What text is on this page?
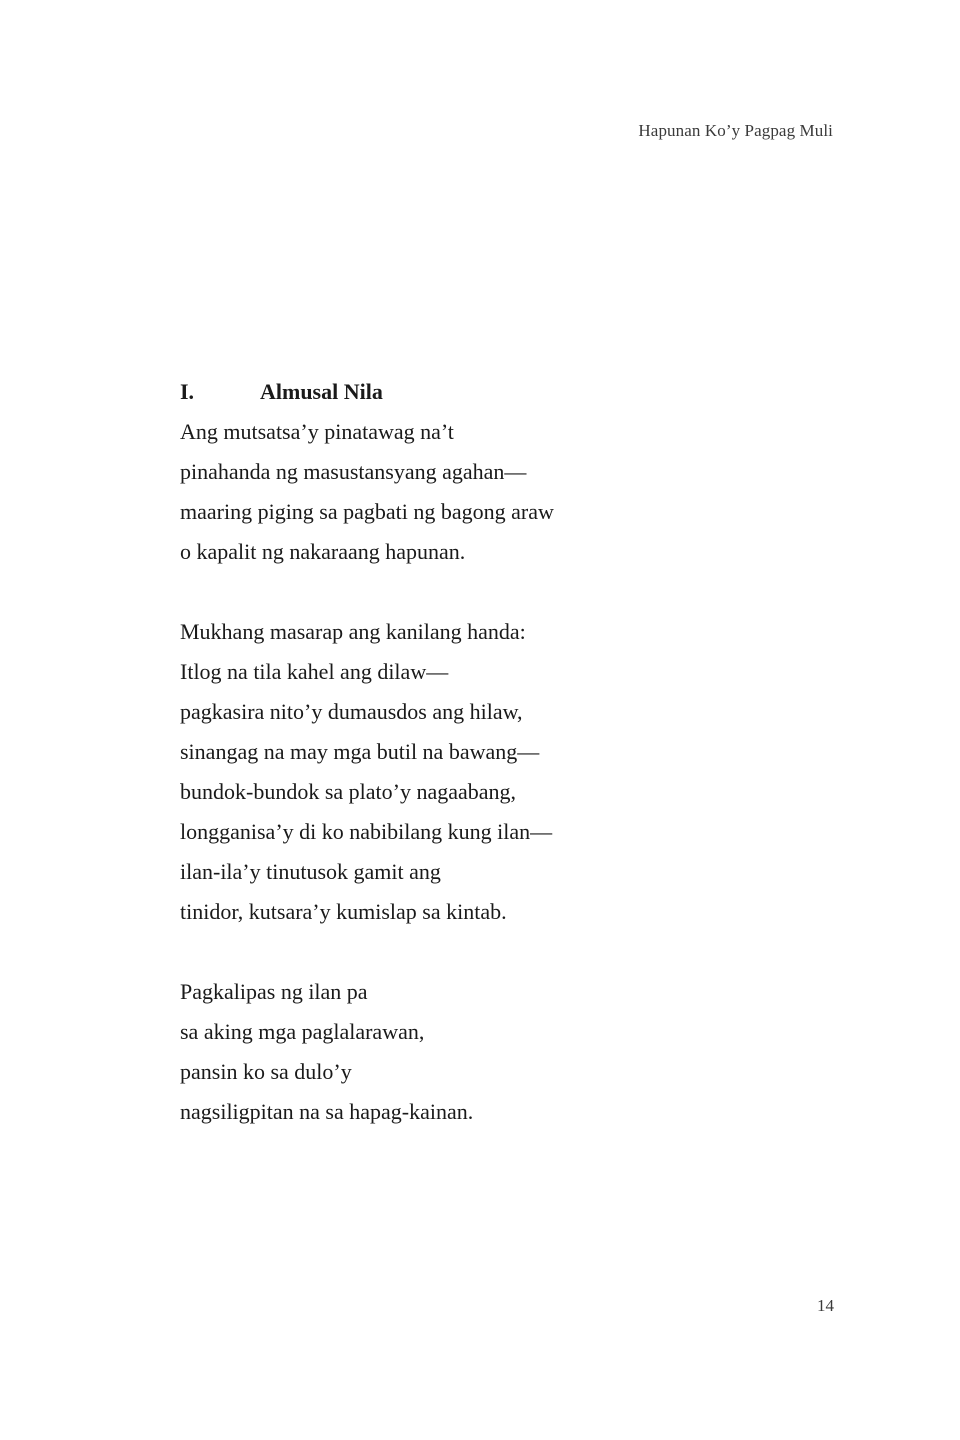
Hapunan Ko’y Pagpag Muli
I.	Almusal Nila
Ang mutsatsa’y pinatawag na’t
pinahanda ng masustansyang agahan—
maaring piging sa pagbati ng bagong araw
o kapalit ng nakaraang hapunan.
Mukhang masarap ang kanilang handa:
Itlog na tila kahel ang dilaw—
pagkasira nito’y dumausdos ang hilaw,
sinangag na may mga butil na bawang—
bundok-bundok sa plato’y nagaabang,
longganisa’y di ko nabibilang kung ilan—
ilan-ila’y tinutusok gamit ang
tinidor, kutsara’y kumislap sa kintab.
Pagkalipas ng ilan pa
sa aking mga paglalarawan,
pansin ko sa dulo’y
nagsiligpitan na sa hapag-kainan.
14
